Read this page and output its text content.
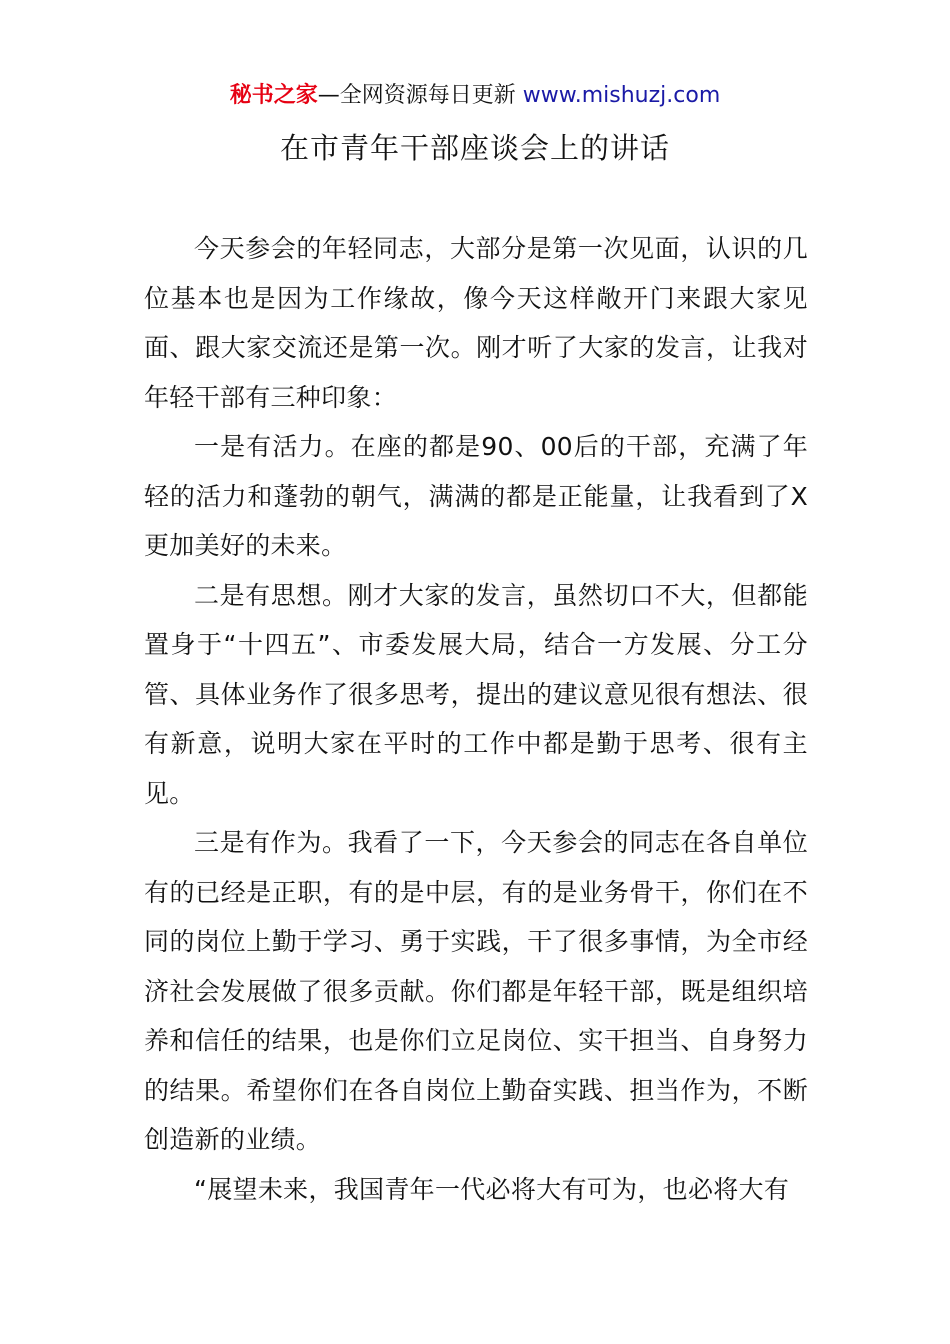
秘书之家—全网资源每日更新 www.mishuzj.com
在市青年干部座谈会上的讲话

今天参会的年轻同志，大部分是第一次见面，认识的几位基本也是因为工作缘故，像今天这样敞开门来跟大家见面、跟大家交流还是第一次。刚才听了大家的发言，让我对年轻干部有三种印象：

一是有活力。在座的都是90、00后的干部，充满了年轻的活力和蓬勃的朝气，满满的都是正能量，让我看到了X更加美好的未来。

二是有思想。刚才大家的发言，虽然切口不大，但都能置身于“十四五”、市委发展大局，结合一方发展、分工分管、具体业务作了很多思考，提出的建议意见很有想法、很有新意，说明大家在平时的工作中都是勤于思考、很有主见。

三是有作为。我看了一下，今天参会的同志在各自单位有的已经是正职，有的是中层，有的是业务骨干，你们在不同的岗位上勤于学习、勇于实践，干了很多事情，为全市经济社会发展做了很多贡献。你们都是年轻干部，既是组织培养和信任的结果，也是你们立足岗位、实干担当、自身努力的结果。希望你们在各自岗位上勤奋实践、担当作为，不断创造新的业绩。

“展望未来，我国青年一代必将大有可为，也必将大有
